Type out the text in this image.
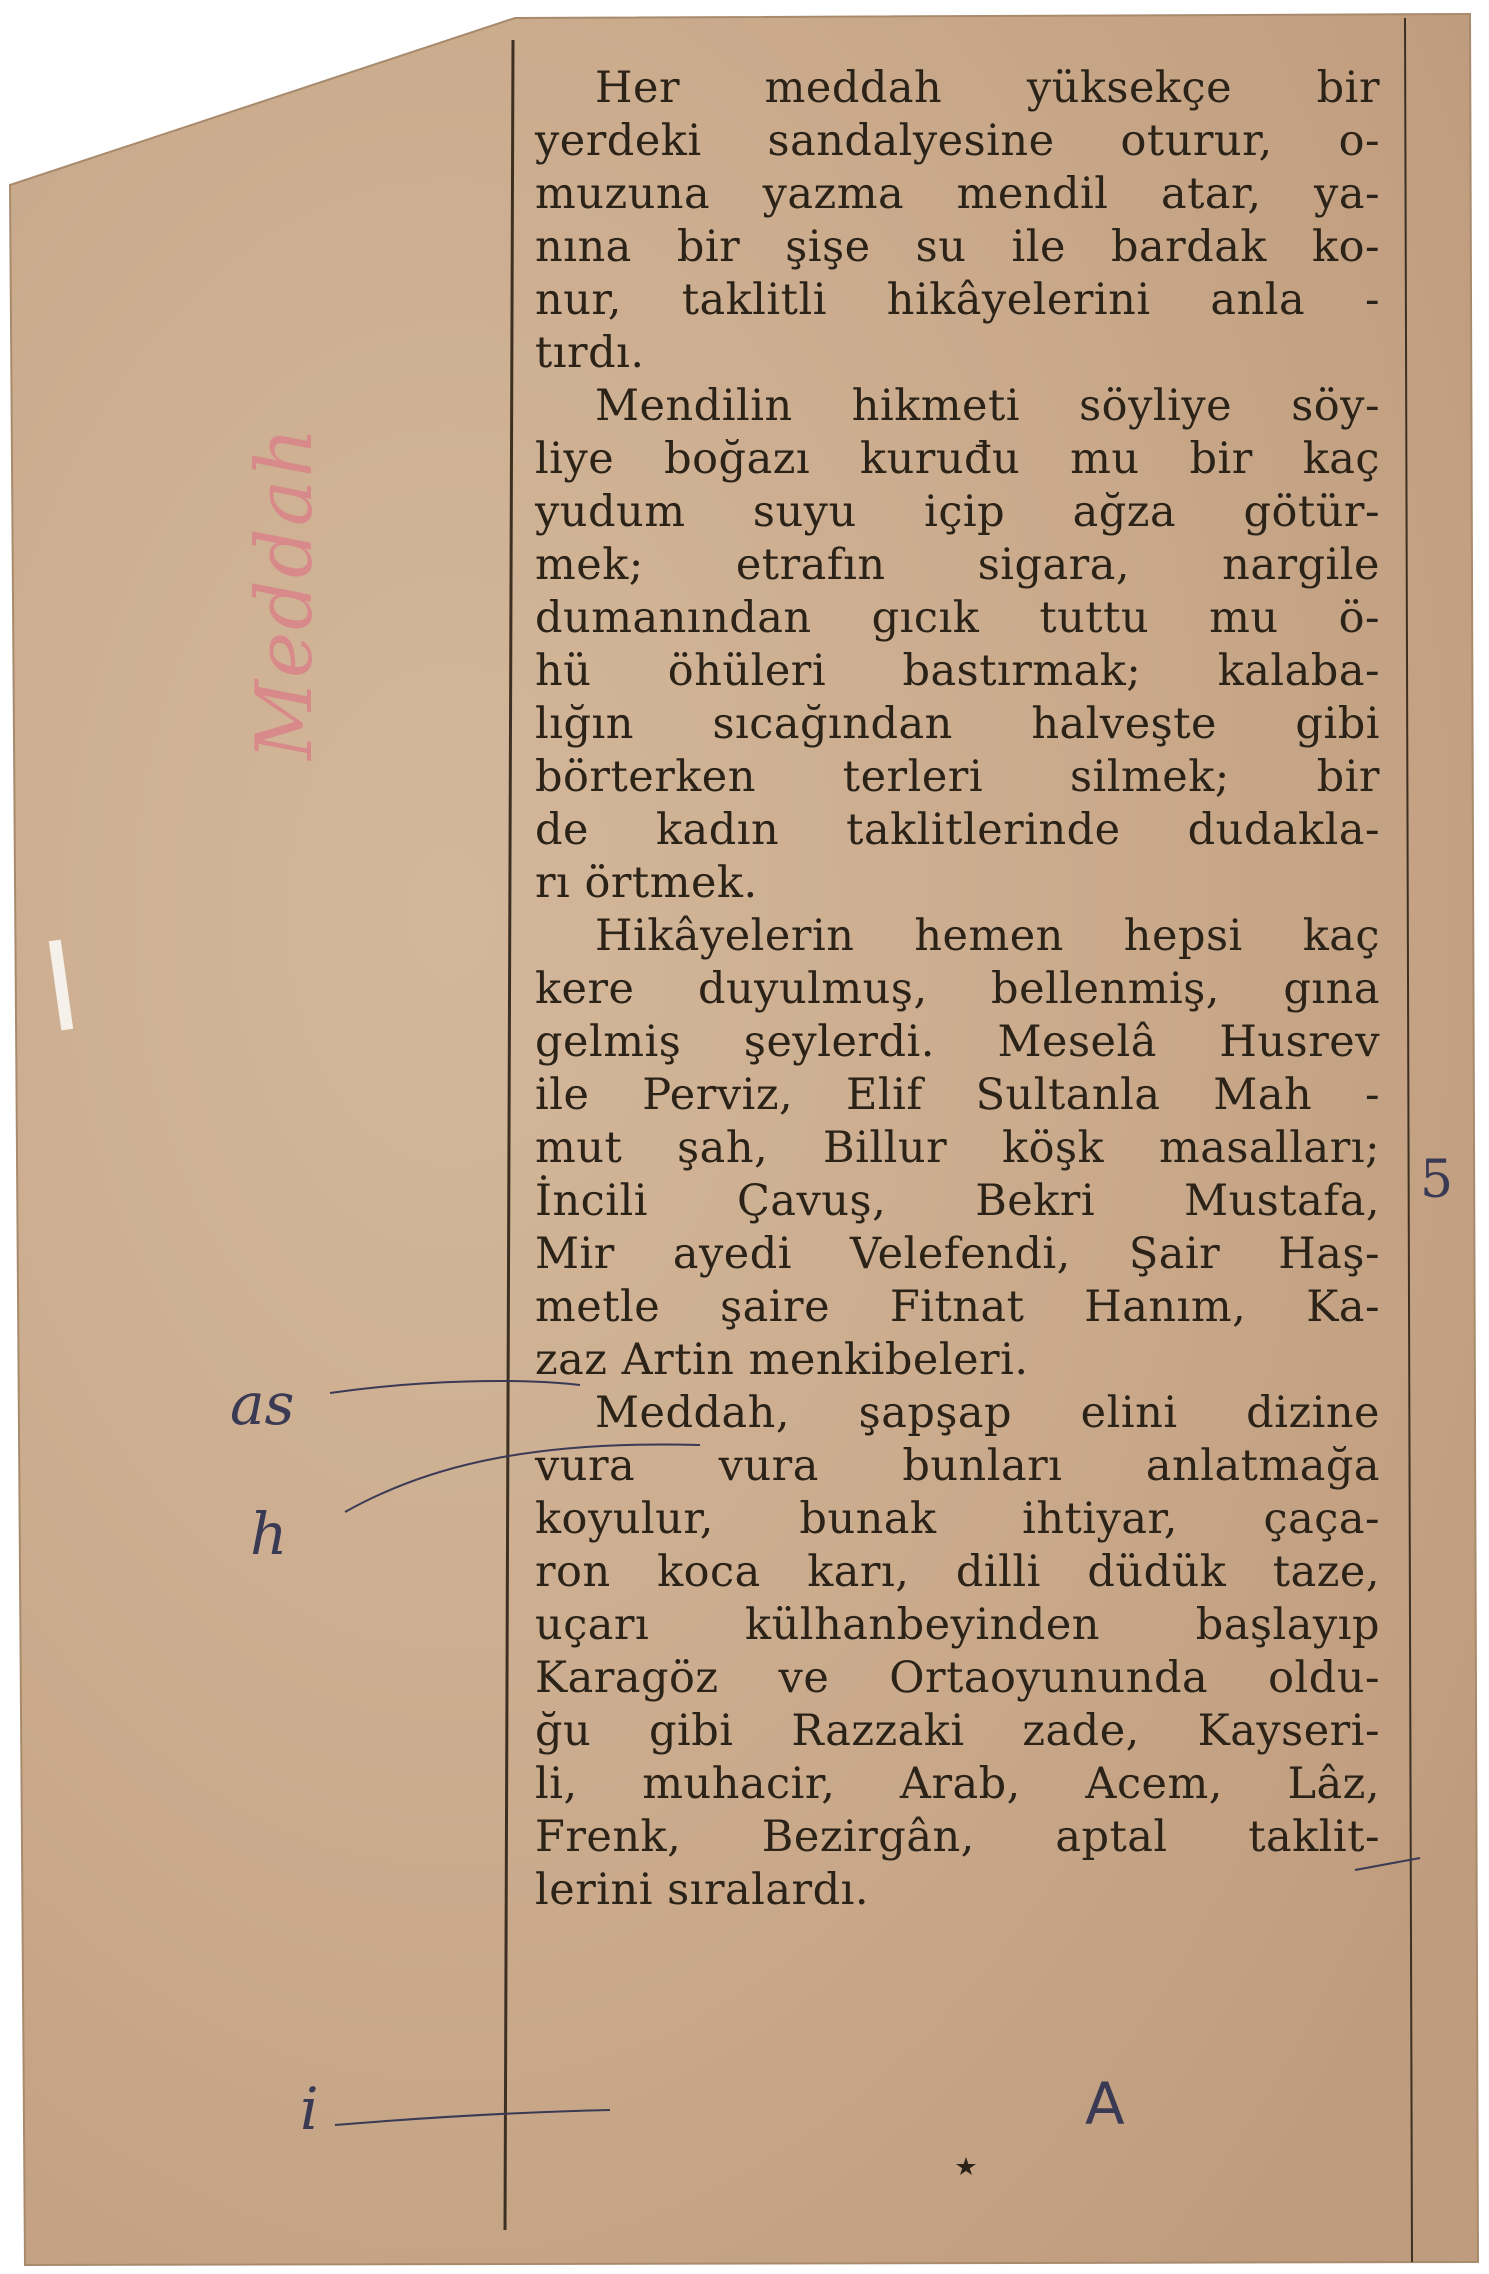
Her meddah yüksekçe bir
yerdeki sandalyesine oturur, o-
muzuna yazma mendil atar, ya-
nına bir şişe su ile bardak ko-
nur, taklitli hikâyelerini anla -
tırdı.

Mendilin hikmeti söyliye söy-
liye boğazı kuruđu mu bir kaç
yudum suyu içip ağza götür-
mek; etrafın sigara, nargile
dumanından gıcık tuttu mu ö-
hü öhüleri bastırmak; kalaba-
lığın sıcağından halveşte gibi
börterken terleri silmek; bir
de kadın taklitlerinde dudakla-
rı örtmek.

Hikâyelerin hemen hepsi kaç
kere duyulmuş, bellenmiş, gına
gelmiş şeylerdi. Meselâ Husrev
ile Perviz, Elif Sultanla Mah -
mut şah, Billur köşk masalları;
İncili Çavuş, Bekri Mustafa,
Mir ayedi Velefendi, Şair Haş-
metle şaire Fitnat Hanım, Ka-
zaz Artin menkibeleri.

Meddah, şapşap elini dizine
vura vura bunları anlatmağa
koyulur, bunak ihtiyar, çaça-
ron koca karı, dilli düdük taze,
uçarı külhanbeyinden başlayıp
Karagöz ve Ortaoyununda oldu-
ğu gibi Razzaki zade, Kayseri-
li, muhacir, Arab, Acem, Lâz,
Frenk, Bezirgân, aptal taklit-
lerini sıralardı.

Meddah
as
h
i	A
5
